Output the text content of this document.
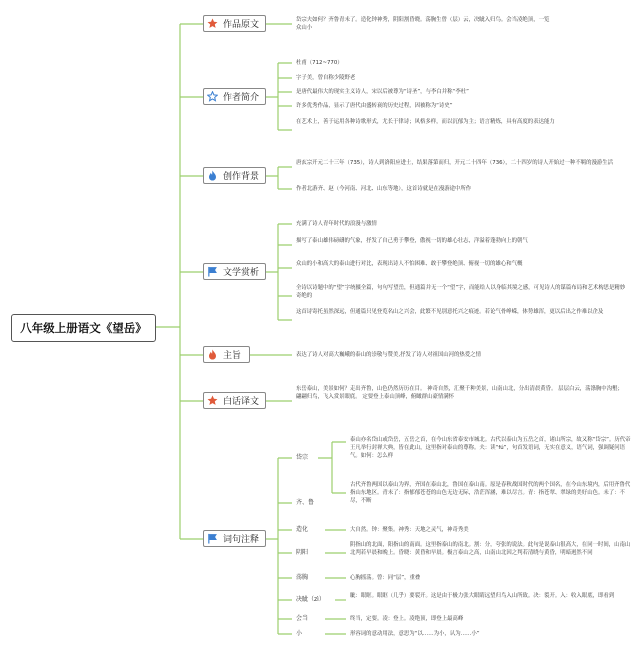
八年级上册语文《望岳》
作品原文
作者简介
创作背景
文学赏析
主旨
白话译文
词句注释
岱宗夫如何？齐鲁青未了。造化钟神秀，阴阳割昏晓。荡胸生曾（层）云，决眦入归鸟。会当凌绝顶，一览众山小
杜甫（712~770）
字子美，曾自称少陵野老
是唐代最伟大的现实主义诗人，宋以后被尊为“诗圣”，与李白并称“李杜”
许多优秀作品，显示了唐代由盛转衰的历史过程，因被称为“诗史”
在艺术上，善于运用各种诗歌形式，尤长于律诗；风格多样，而以沉郁为主；语言精炼，具有高度的表达能力
唐玄宗开元二十三年（735），诗人到洛阳应进士，结果落第而归，开元二十四年（736），二十四岁的诗人开始过一种不羁的漫游生活
作者北游齐、赵（今河南、河北、山东等地），这首诗就是在漫游途中所作
充满了诗人青年时代的浪漫与激情
描写了泰山雄伟磅礴的气象，抒发了自己勇于攀登，傲视一切的雄心壮志，洋溢着蓬勃向上的朝气
众山的小和高大的泰山进行对比，表现出诗人不怕困难、敢于攀登绝顶、俯视一切的雄心和气概
全诗以诗题中的“望”字统摄全篇，句句写望岳，但通篇并无一个“望”字，而能给人以身临其境之感，可见诗人的谋篇布局和艺术构思是精妙奇绝的
这首诗寄托虽然深远，但通篇只见登览名山之兴会，此繁不见别意托兴之痕迹。若论气骨峥嵘，体势雄浑，更以后出之作难以企及
表达了诗人对高大巍峨的泰山的崇敬与赞美,抒发了诗人对祖国山河的热爱之情
东岳泰山，美景如何？走出齐鲁，山色仍然历历在目。 神奇自然，汇聚千种美景，山南山北，分出清晨黄昏。 层层白云，荡涤胸中沟壑；翩翩归鸟，飞入赏景眼底。 定要登上泰山顶峰，俯瞰群山豪情满怀
岱宗
齐、鲁
造化
阴阳
荡胸
决眦（zì）
会当
小
泰山亦名岱山或岱岳，五岳之首，在今山东省泰安市城北。古代以泰山为五岳之首，诸山所宗，故又称“岱宗”。历代帝王凡举行封禅大典，皆在此山，这里指对泰山的尊称。夫：读“fú”，句首发语词，无实在意义，语气词，强调疑问语气。如何：怎么样
古代齐鲁两国以泰山为界，齐国在泰山北，鲁国在泰山南。原是春秋战国时代的两个国名，在今山东境内，后用齐鲁代指山东地区。青未了：指郁郁苍苍的山色无边无际，浩茫浑涵，难以尽言。青：指苍翠、翠绿的美好山色。未了：不尽，不断
大自然。钟：聚集。神秀：天地之灵气，神奇秀美
阴指山的北面，阳指山的南面。这里指泰山的南北。割：分，夸张的说法。此句是说泰山很高大，在同一时间，山南山北判若早晨和晚上。昏晓：黄昏和早晨。极言泰山之高，山南山北因之判若清晓与黄昏，明暗迥然不同
心胸摇荡。曾：同“层”，重叠
眦：眼眶。眼眶（几乎）要裂开。这是由于极力张大眼睛远望归鸟入山所致。决：裂开。入：收入眼底，即看到
终当，定要。凌：登上。凌绝顶，即登上最高峰
形容词的意动用法，意思为“以……为小，认为……小”
